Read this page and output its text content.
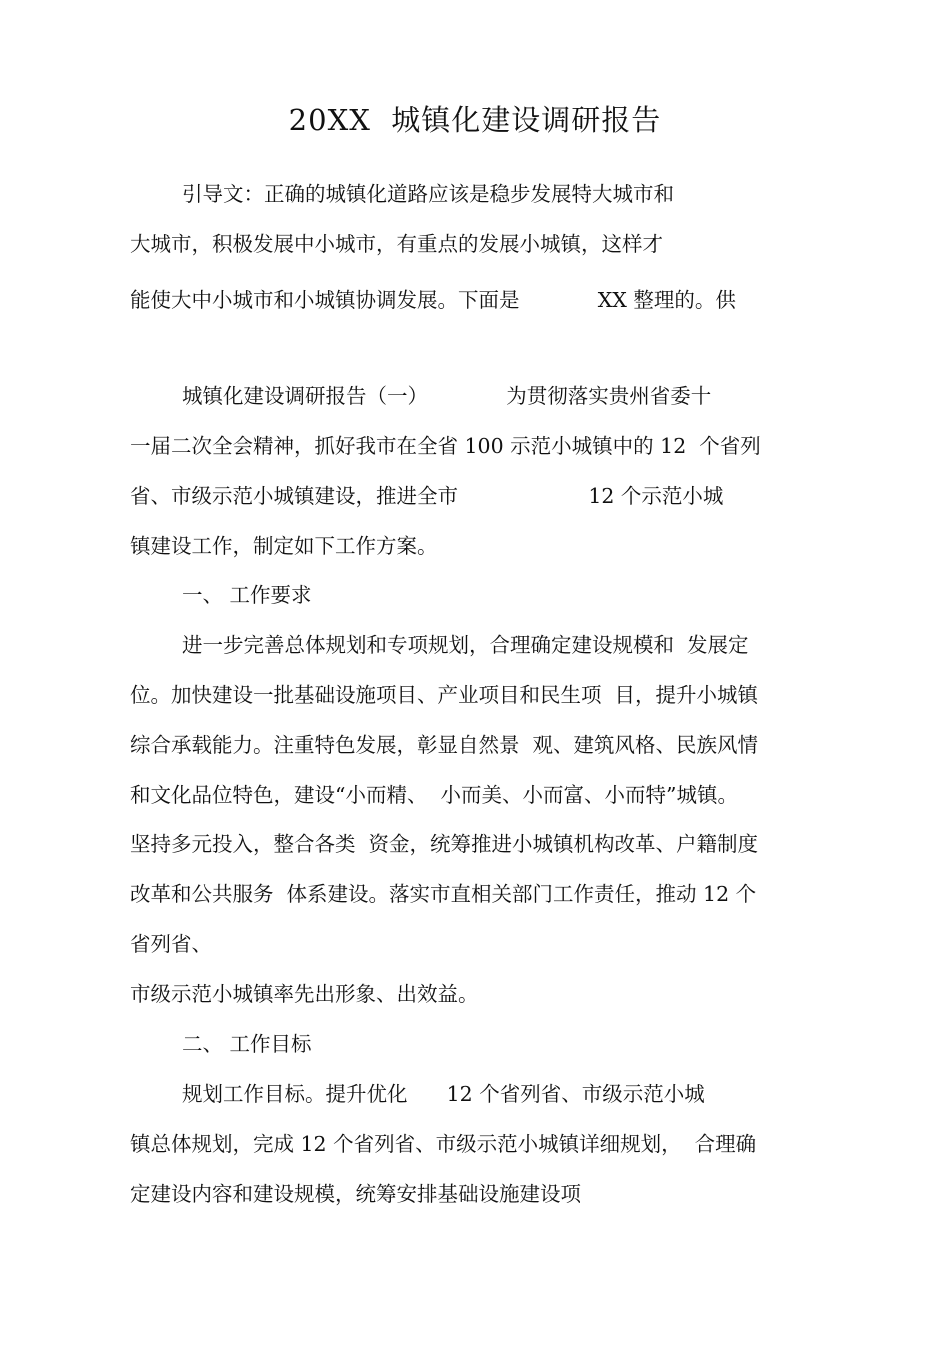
20XX  城镇化建设调研报告
引导文：正确的城镇化道路应该是稳步发展特大城市和
大城市，积极发展中小城市，有重点的发展小城镇，这样才
能使大中小城市和小城镇协调发展。下面是            XX 整理的。供
城镇化建设调研报告（一）            为贯彻落实贵州省委十
一届二次全会精神，抓好我市在全省 100 示范小城镇中的 12  个省列
省、市级示范小城镇建设，推进全市                    12 个示范小城
镇建设工作，制定如下工作方案。
一、 工作要求
进一步完善总体规划和专项规划，合理确定建设规模和  发展定
位。加快建设一批基础设施项目、产业项目和民生项  目，提升小城镇
综合承载能力。注重特色发展，彰显自然景  观、建筑风格、民族风情
和文化品位特色，建设“小而精、  小而美、小而富、小而特”城镇。
坚持多元投入，整合各类  资金，统筹推进小城镇机构改革、户籍制度
改革和公共服务  体系建设。落实市直相关部门工作责任，推动 12 个
省列省、
市级示范小城镇率先出形象、出效益。
二、 工作目标
规划工作目标。提升优化      12 个省列省、市级示范小城
镇总体规划，完成 12 个省列省、市级示范小城镇详细规划，  合理确
定建设内容和建设规模，统筹安排基础设施建设项
